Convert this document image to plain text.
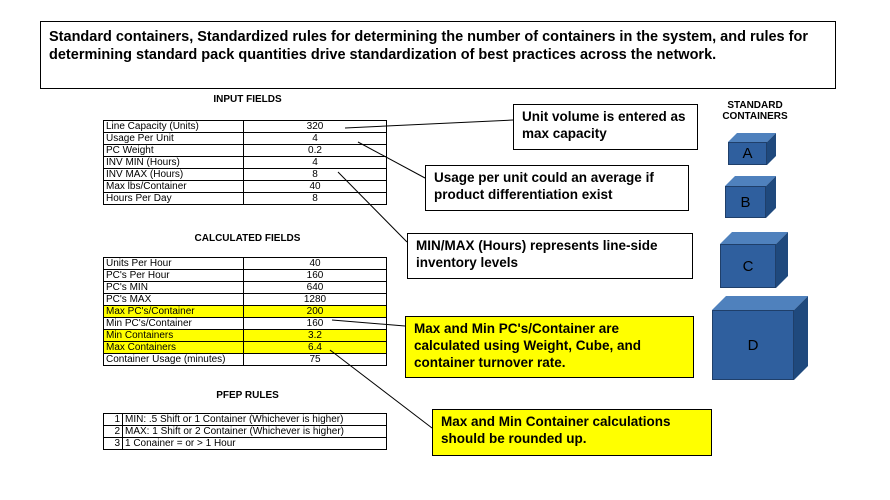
Standard containers, Standardized rules for determining the number of containers in the system, and rules for determining standard pack quantities drive standardization of best practices across the network.
INPUT FIELDS
Line Capacity (Units)	320
Usage Per Unit	4
PC Weight	0.2
INV MIN (Hours)	4
INV MAX (Hours)	8
Max lbs/Container	40
Hours Per Day	8
CALCULATED FIELDS
Units Per Hour	40
PC's Per Hour	160
PC's MIN	640
PC's MAX	1280
Max PC's/Container	200
Min PC's/Container	160
Min Containers	3.2
Max Containers	6.4
Container Usage (minutes)	75
PFEP RULES
1	MIN: .5 Shift or 1 Container (Whichever is higher)
2	MAX: 1 Shift or 2 Container (Whichever is higher)
3	1 Conainer = or > 1 Hour
Unit volume is entered as max capacity
Usage per unit could an average if product differentiation exist
MIN/MAX (Hours) represents line-side inventory levels
Max and Min PC's/Container are calculated using Weight, Cube, and container turnover rate.
Max and Min Container calculations should be rounded up.
STANDARD
CONTAINERS
A
B
C
D
